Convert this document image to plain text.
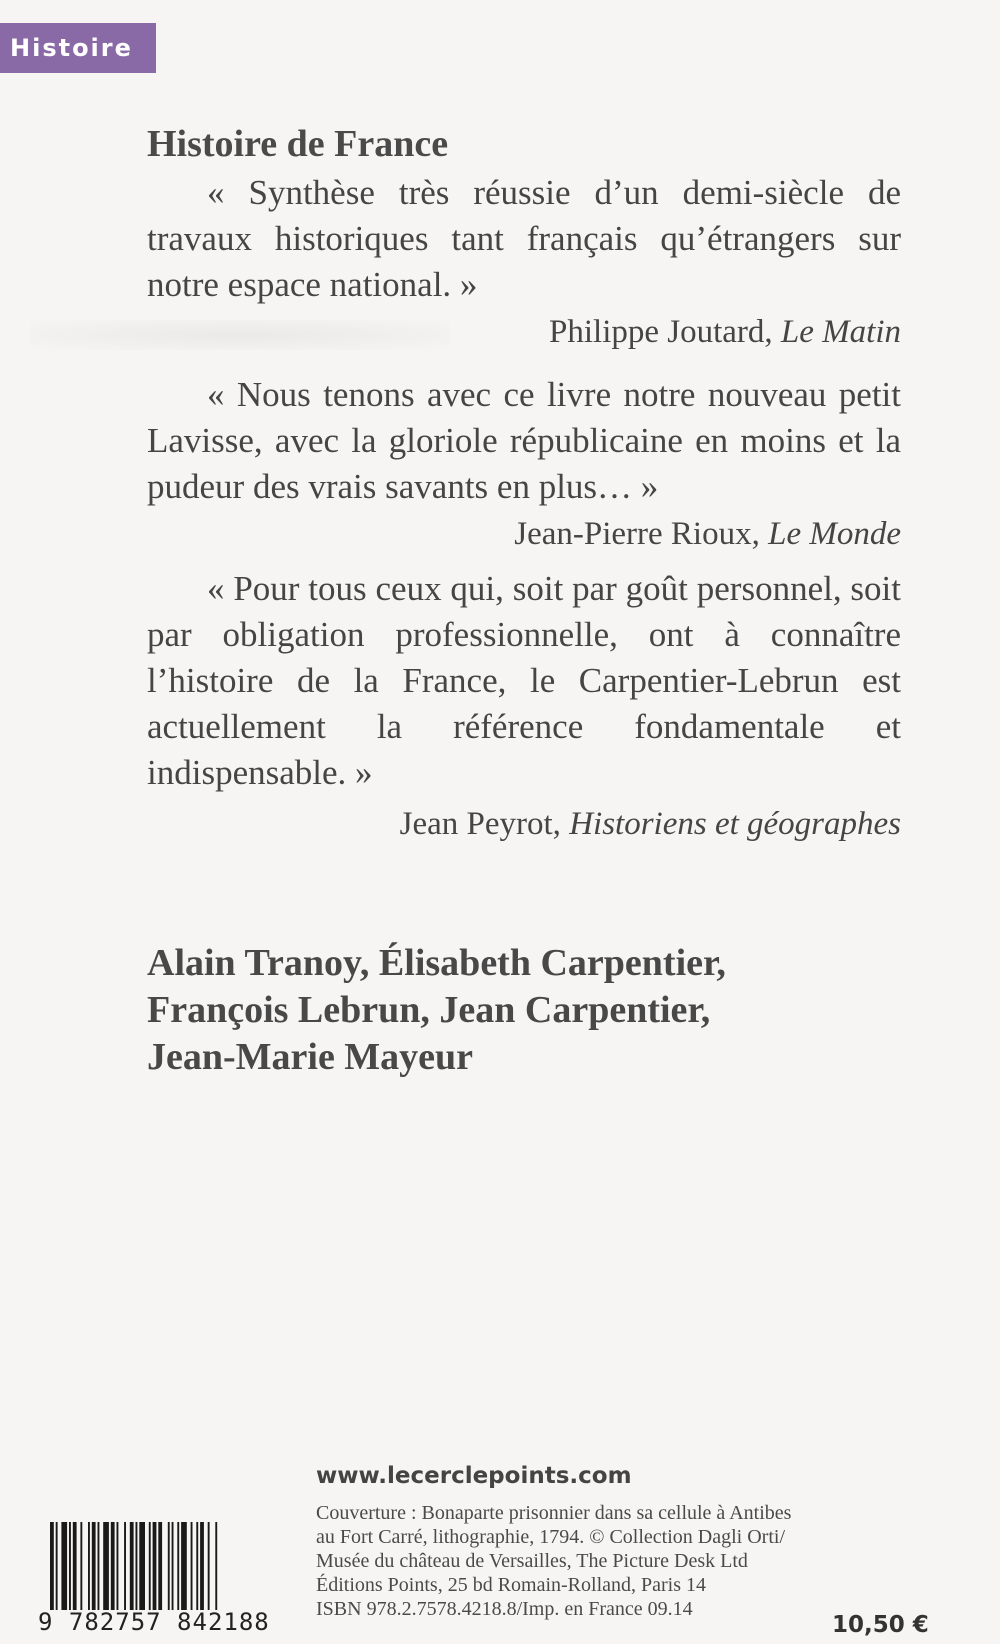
Histoire
Histoire de France
« Synthèse très réussie d’un demi-siècle de travaux historiques tant français qu’étrangers sur notre espace national. »
Philippe Joutard, Le Matin
« Nous tenons avec ce livre notre nouveau petit Lavisse, avec la gloriole républicaine en moins et la pudeur des vrais savants en plus… »
Jean-Pierre Rioux, Le Monde
« Pour tous ceux qui, soit par goût personnel, soit par obligation professionnelle, ont à connaître l’histoire de la France, le Carpentier-Lebrun est actuellement la référence fondamentale et indispensable. »
Jean Peyrot, Historiens et géographes
Alain Tranoy, Élisabeth Carpentier,
François Lebrun, Jean Carpentier,
Jean-Marie Mayeur
www.lecerclepoints.com
Couverture : Bonaparte prisonnier dans sa cellule à Antibes
au Fort Carré, lithographie, 1794. © Collection Dagli Orti/
Musée du château de Versailles, The Picture Desk Ltd
Éditions Points, 25 bd Romain-Rolland, Paris 14
ISBN 978.2.7578.4218.8/Imp. en France 09.14
9 782757 842188	10,50 €
